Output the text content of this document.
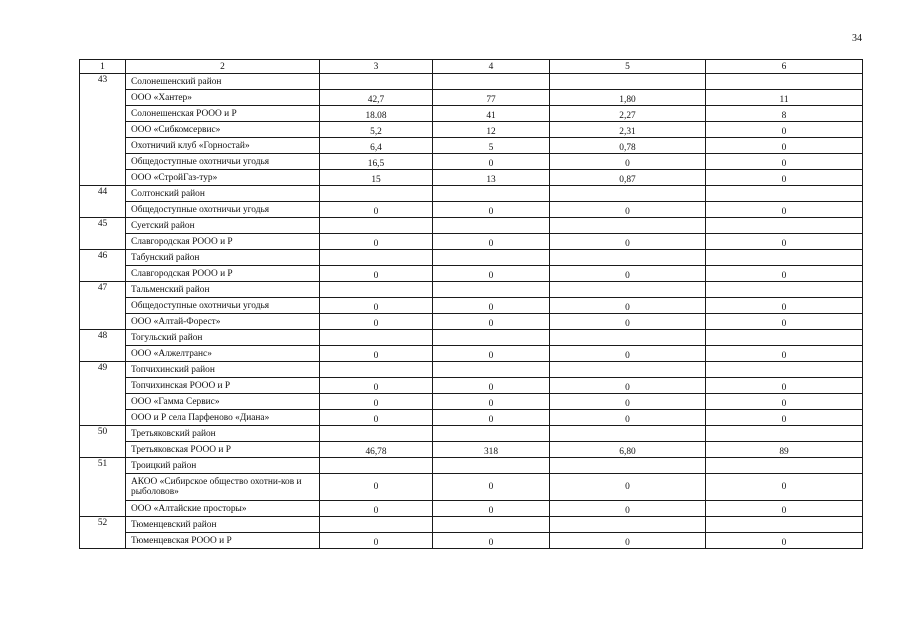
34
1	2	3	4	5	6
43	Солонешенский район				
	ООО «Хантер»	42,7	77	1,80	11
	Солонешенская РООО и Р	18.08	41	2,27	8
	ООО «Сибкомсервис»	5,2	12	2,31	0
	Охотничий клуб «Горностай»	6,4	5	0,78	0
	Общедоступные охотничьи угодья	16,5	0	0	0
	ООО «СтройГаз-тур»	15	13	0,87	0
44	Солтонский район				
	Общедоступные охотничьи угодья	0	0	0	0
45	Суетский район				
	Славгородская РООО и Р	0	0	0	0
46	Табунский район				
	Славгородская РООО и Р	0	0	0	0
47	Тальменский район				
	Общедоступные охотничьи угодья	0	0	0	0
	ООО «Алтай-Форест»	0	0	0	0
48	Тогульский район				
	ООО «Алжелтранс»	0	0	0	0
49	Топчихинский район				
	Топчихинская РООО и Р	0	0	0	0
	ООО «Гамма Сервис»	0	0	0	0
	ООО и Р села Парфеново «Диана»	0	0	0	0
50	Третьяковский район				
	Третьяковская РООО и Р	46,78	318	6,80	89
51	Троицкий район				
	АКОО «Сибирское общество охотни-ков и рыболовов»	0	0	0	0
	ООО «Алтайские просторы»	0	0	0	0
52	Тюменцевский район				
	Тюменцевская РООО и Р	0	0	0	0
